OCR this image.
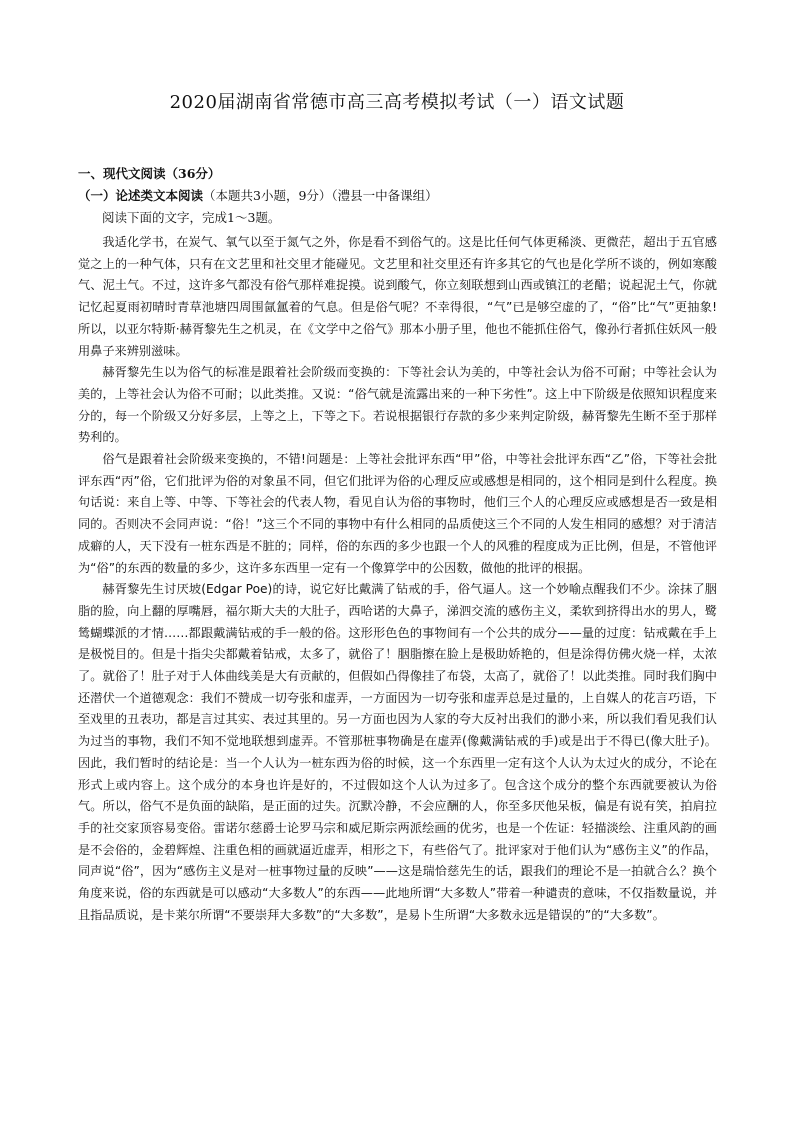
2020届湖南省常德市高三高考模拟考试（一）语文试题
一、现代文阅读（36分）
（一）论述类文本阅读（本题共3小题，9分）（澧县一中备课组）
阅读下面的文字，完成1～3题。

我适化学书，在炭气、氧气以至于氮气之外，你是看不到俗气的。这是比任何气体更稀淡、更微茫，超出于五官感觉之上的一种气体，只有在文艺里和社交里才能碰见。文艺里和社交里还有许多其它的气也是化学所不谈的，例如寒酸气、泥土气。不过，这许多气都没有俗气那样难捉摸。说到酸气，你立刻联想到山西或镇江的老醋；说起泥土气，你就记忆起夏雨初晴时青草池塘四周围氤氲着的气息。但是俗气呢？不幸得很，“气”已是够空虚的了，“俗”比“气”更抽象!所以，以亚尔特斯·赫胥黎先生之机灵，在《文学中之俗气》那本小册子里，他也不能抓住俗气，像孙行者抓住妖风一般用鼻子来辨别滋味。

赫胥黎先生以为俗气的标准是跟着社会阶级而变换的：下等社会认为美的，中等社会认为俗不可耐；中等社会认为美的，上等社会认为俗不可耐；以此类推。又说：“俗气就是流露出来的一种下劣性”。这上中下阶级是依照知识程度来分的，每一个阶级又分好多层，上等之上，下等之下。若说根据银行存款的多少来判定阶级，赫胥黎先生断不至于那样势利的。

俗气是跟着社会阶级来变换的，不错!问题是：上等社会批评东西“甲”俗，中等社会批评东西“乙”俗，下等社会批评东西“丙”俗，它们批评为俗的对象虽不同，但它们批评为俗的心理反应或感想是相同的，这个相同是到什么程度。换句话说：来自上等、中等、下等社会的代表人物，看见自认为俗的事物时，他们三个人的心理反应或感想是否一致是相同的。否则决不会同声说：“俗！”这三个不同的事物中有什么相同的品质使这三个不同的人发生相同的感想？对于清洁成癖的人，天下没有一桩东西是不脏的；同样，俗的东西的多少也跟一个人的风雅的程度成为正比例，但是，不管他评为“俗”的东西的数量的多少，这许多东西里一定有一个像算学中的公因数，做他的批评的根据。

赫胥黎先生讨厌坡(Edgar Poe)的诗，说它好比戴满了钻戒的手，俗气逼人。这一个妙喻点醒我们不少。涂抹了胭脂的脸，向上翻的厚嘴唇，福尔斯大夫的大肚子，西哈诺的大鼻子，涕泗交流的感伤主义，柔软到挤得出水的男人，鹭鸶蝴蝶派的才情……都跟戴满钻戒的手一般的俗。这形形色色的事物间有一个公共的成分——量的过度：钻戒戴在手上是极悦目的。但是十指尖尖都戴着钻戒，太多了，就俗了！胭脂擦在脸上是极助娇艳的，但是涂得仿佛火烧一样，太浓了。就俗了！肚子对于人体曲线美是大有贡献的，但假如凸得像挂了布袋，太高了，就俗了！以此类推。同时我们胸中还潜伏一个道德观念：我们不赞成一切夸张和虚弄，一方面因为一切夸张和虚弄总是过量的，上自媒人的花言巧语，下至戏里的丑表功，都是言过其实、表过其里的。另一方面也因为人家的夸大反衬出我们的渺小来，所以我们看见我们认为过当的事物，我们不知不觉地联想到虚弄。不管那桩事物确是在虚弄(像戴满钻戒的手)或是出于不得已(像大肚子)。因此，我们暂时的结论是：当一个人认为一桩东西为俗的时候，这一个东西里一定有这个人认为太过火的成分，不论在形式上或内容上。这个成分的本身也许是好的，不过假如这个人认为过多了。包含这个成分的整个东西就要被认为俗气。所以，俗气不是负面的缺陷，是正面的过失。沉默冷静，不会应酬的人，你至多厌他呆板，偏是有说有笑，拍肩拉手的社交家顶容易变俗。雷诺尔慈爵士论罗马宗和威尼斯宗两派绘画的优劣，也是一个佐证：轻描淡绘、注重风韵的画是不会俗的，金碧辉煌、注重色相的画就逼近虚弄，相形之下，有些俗气了。批评家对于他们认为“感伤主义”的作品，同声说“俗”，因为“感伤主义是对一桩事物过量的反映”——这是瑞恰慈先生的话，跟我们的理论不是一拍就合么？换个角度来说，俗的东西就是可以感动“大多数人”的东西——此地所谓“大多数人”带着一种谴责的意味，不仅指数量说，并且指品质说，是卡莱尔所谓“不要崇拜大多数”的“大多数”，是易卜生所谓“大多数永远是错误的”的“大多数”。
